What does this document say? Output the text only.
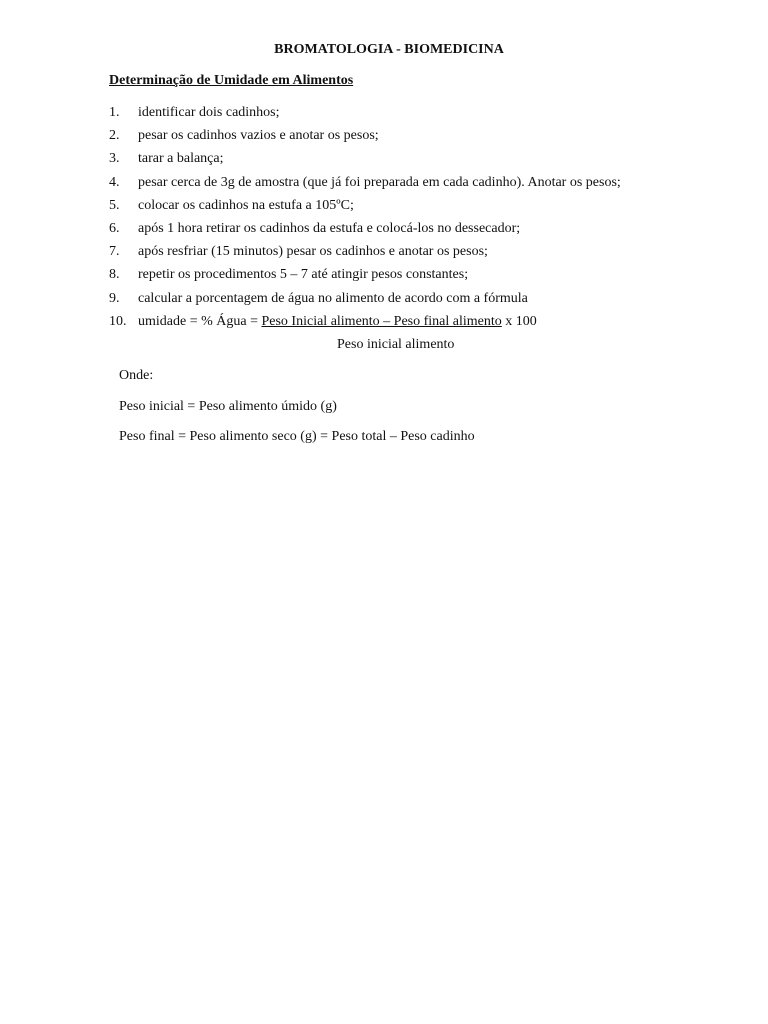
BROMATOLOGIA - BIOMEDICINA
Determinação de Umidade em Alimentos
1. identificar dois cadinhos;
2. pesar os cadinhos vazios e anotar os pesos;
3. tarar a balança;
4. pesar cerca de 3g de amostra (que já foi preparada em cada cadinho). Anotar os pesos;
5. colocar os cadinhos na estufa a 105ºC;
6. após 1 hora retirar os cadinhos da estufa e colocá-los no dessecador;
7. após resfriar (15 minutos) pesar os cadinhos e anotar os pesos;
8. repetir os procedimentos 5 – 7 até atingir pesos constantes;
9. calcular a porcentagem de água no alimento de acordo com a fórmula
10. umidade = % Água = Peso Inicial alimento – Peso final alimento x 100
Peso inicial alimento
Onde:
Peso inicial = Peso alimento úmido (g)
Peso final = Peso alimento seco (g) = Peso total – Peso cadinho
